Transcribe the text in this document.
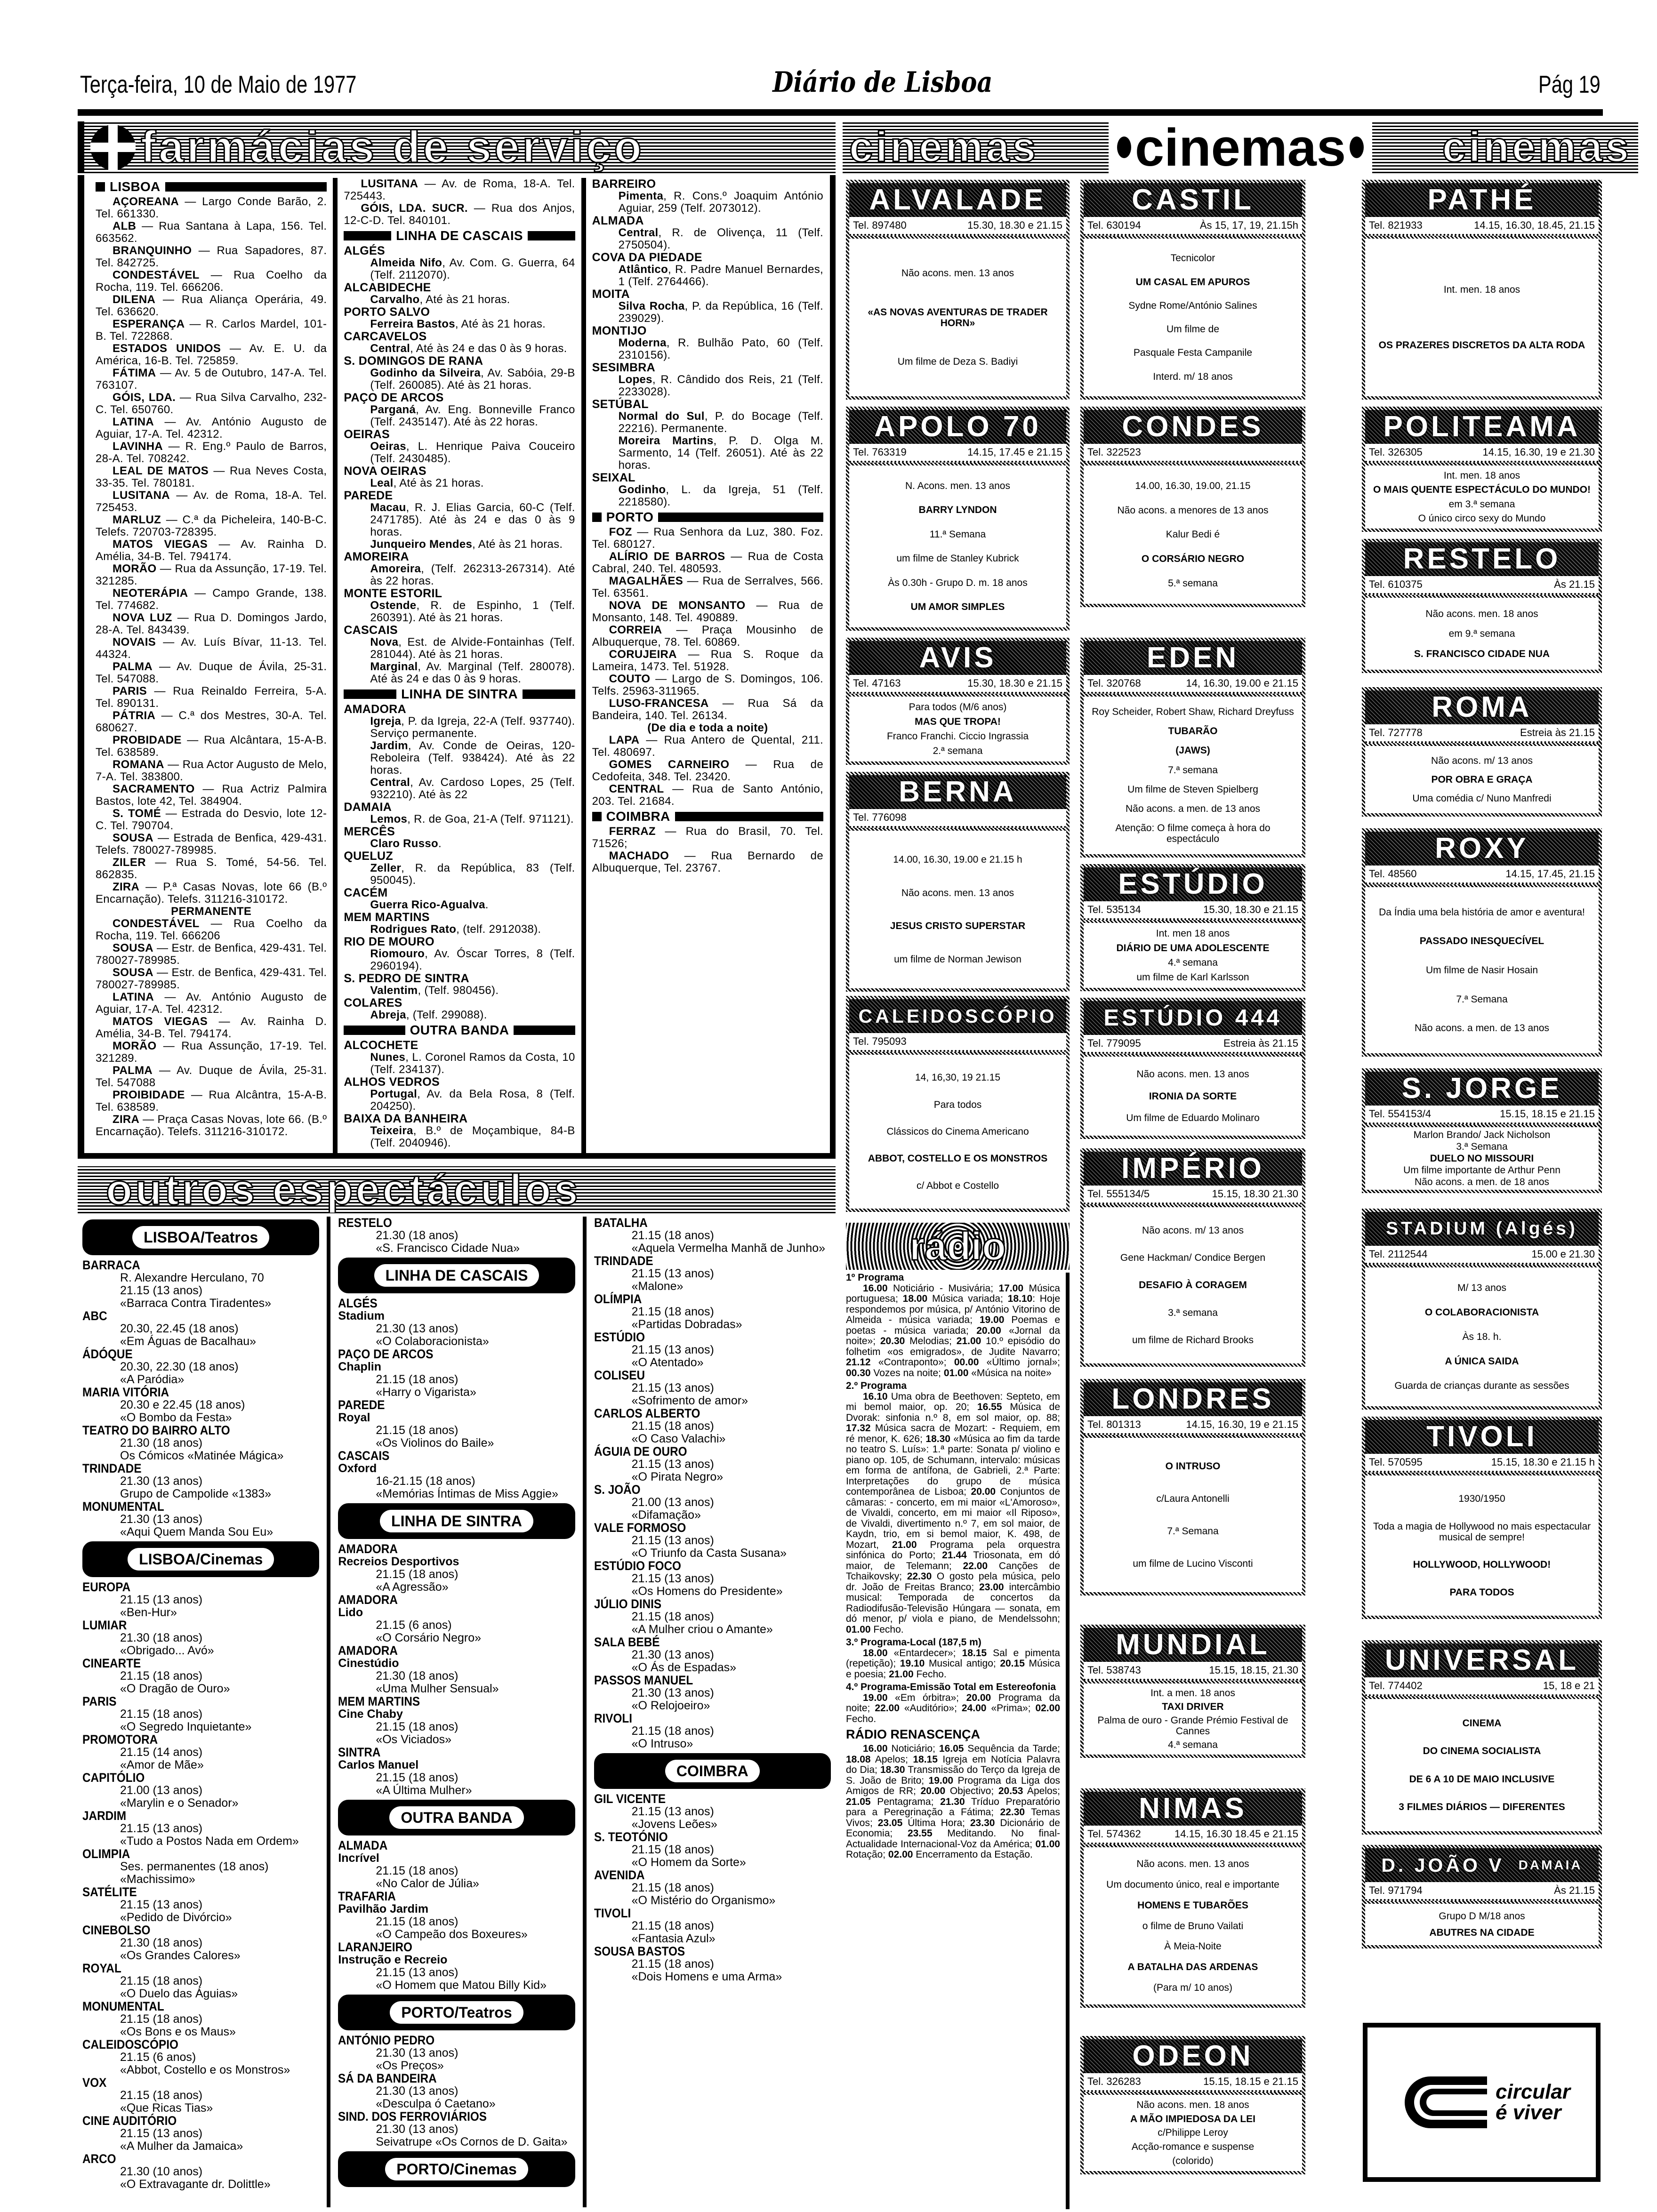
Terça-feira, 10 de Maio de 1977	Diário de Lisboa	Pág 19
farmácias de serviço
LISBOA
AÇOREANA — Largo Conde Barão, 2. Tel. 661330.
ALB — Rua Santana à Lapa, 156. Tel. 663562.
BRANQUINHO — Rua Sapadores, 87. Tel. 842725.
CONDESTÁVEL — Rua Coelho da Rocha, 119. Tel. 666206.
DILENA — Rua Aliança Operária, 49. Tel. 636620.
ESPERANÇA — R. Carlos Mardel, 101-B. Tel. 722868.
ESTADOS UNIDOS — Av. E. U. da América, 16-B. Tel. 725859.
FÁTIMA — Av. 5 de Outubro, 147-A. Tel. 763107.
GÓIS, LDA. — Rua Silva Carvalho, 232-C. Tel. 650760.
LATINA — Av. António Augusto de Aguiar, 17-A. Tel. 42312.
LAVINHA — R. Eng.º Paulo de Barros, 28-A. Tel. 708242.
LEAL DE MATOS — Rua Neves Costa, 33-35. Tel. 780181.
LUSITANA — Av. de Roma, 18-A. Tel. 725453.
MARLUZ — C.ª da Picheleira, 140-B-C. Telefs. 720703-728395.
MATOS VIEGAS — Av. Rainha D. Amélia, 34-B. Tel. 794174.
MORÃO — Rua da Assunção, 17-19. Tel. 321285.
NEOTERÁPIA — Campo Grande, 138. Tel. 774682.
NOVA LUZ — Rua D. Domingos Jardo, 28-A. Tel. 843439.
NOVAIS — Av. Luís Bívar, 11-13. Tel. 44324.
PALMA — Av. Duque de Ávila, 25-31. Tel. 547088.
PARIS — Rua Reinaldo Ferreira, 5-A. Tel. 890131.
PÁTRIA — C.ª dos Mestres, 30-A. Tel. 680627.
PROBIDADE — Rua Alcântara, 15-A-B. Tel. 638589.
ROMANA — Rua Actor Augusto de Melo, 7-A. Tel. 383800.
SACRAMENTO — Rua Actriz Palmira Bastos, lote 42, Tel. 384904.
S. TOMÉ — Estrada do Desvio, lote 12-C. Tel. 790704.
SOUSA — Estrada de Benfica, 429-431. Telefs. 780027-789985.
ZILER — Rua S. Tomé, 54-56. Tel. 862835.
ZIRA — P.ª Casas Novas, lote 66 (B.º Encarnação). Telefs. 311216-310172.
PERMANENTE
CONDESTÁVEL — Rua Coelho da Rocha, 119. Tel. 666206
SOUSA — Estr. de Benfica, 429-431. Tel. 780027-789985.
SOUSA — Estr. de Benfica, 429-431. Tel. 780027-789985.
LATINA — Av. António Augusto de Aguiar, 17-A. Tel. 42312.
MATOS VIEGAS — Av. Rainha D. Amélia, 34-B. Tel. 794174.
MORÃO — Rua Assunção, 17-19. Tel. 321289.
PALMA — Av. Duque de Ávila, 25-31. Tel. 547088
PROIBIDADE — Rua Alcântra, 15-A-B. Tel. 638589.
ZIRA — Praça Casas Novas, lote 66. (B.º Encarnação). Telefs. 311216-310172.
LUSITANA — Av. de Roma, 18-A. Tel. 725443.
GÓIS, LDA. SUCR. — Rua dos Anjos, 12-C-D. Tel. 840101.
LINHA DE CASCAIS
ALGÉS
Almeida Nifo, Av. Com. G. Guerra, 64 (Telf. 2112070).
ALCABIDECHE
Carvalho, Até às 21 horas.
PORTO SALVO
Ferreira Bastos, Até às 21 horas.
CARCAVELOS
Central, Até às 24 e das 0 às 9 horas.
S. DOMINGOS DE RANA
Godinho da Silveira, Av. Sabóia, 29-B (Telf. 260085). Até às 21 horas.
PAÇO DE ARCOS
Parganá, Av. Eng. Bonneville Franco (Telf. 2435147). Até às 22 horas.
OEIRAS
Oeiras, L. Henrique Paiva Couceiro (Telf. 2430485).
NOVA OEIRAS
Leal, Até às 21 horas.
PAREDE
Macau, R. J. Elias Garcia, 60-C (Telf. 2471785). Até às 24 e das 0 às 9 horas.
Junqueiro Mendes, Até às 21 horas.
AMOREIRA
Amoreira, (Telf. 262313-267314). Até às 22 horas.
MONTE ESTORIL
Ostende, R. de Espinho, 1 (Telf. 260391). Até às 21 horas.
CASCAIS
Nova, Est. de Alvide-Fontainhas (Telf. 281044). Até às 21 horas.
Marginal, Av. Marginal (Telf. 280078). Até às 24 e das 0 às 9 horas.
LINHA DE SINTRA
AMADORA
Igreja, P. da Igreja, 22-A (Telf. 937740). Serviço permanente.
Jardim, Av. Conde de Oeiras, 120-Reboleira (Telf. 938424). Até às 22 horas.
Central, Av. Cardoso Lopes, 25 (Telf. 932210). Até às 22
DAMAIA
Lemos, R. de Goa, 21-A (Telf. 971121).
MERCÊS
Claro Russo.
QUELUZ
Zeller, R. da República, 83 (Telf. 950045).
CACÉM
Guerra Rico-Agualva.
MEM MARTINS
Rodrigues Rato, (telf. 2912038).
RIO DE MOURO
Riomouro, Av. Óscar Torres, 8 (Telf. 2960194).
S. PEDRO DE SINTRA
Valentim, (Telf. 980456).
COLARES
Abreja, (Telf. 299088).
OUTRA BANDA
ALCOCHETE
Nunes, L. Coronel Ramos da Costa, 10 (Telf. 234137).
ALHOS VEDROS
Portugal, Av. da Bela Rosa, 8 (Telf. 204250).
BAIXA DA BANHEIRA
Teixeira, B.º de Moçambique, 84-B (Telf. 2040946).
BARREIRO
Pimenta, R. Cons.º Joaquim António Aguiar, 259 (Telf. 2073012).
ALMADA
Central, R. de Olivença, 11 (Telf. 2750504).
COVA DA PIEDADE
Atlântico, R. Padre Manuel Bernardes, 1 (Telf. 2764466).
MOITA
Silva Rocha, P. da República, 16 (Telf. 239029).
MONTIJO
Moderna, R. Bulhão Pato, 60 (Telf. 2310156).
SESIMBRA
Lopes, R. Cândido dos Reis, 21 (Telf. 2233028).
SETÚBAL
Normal do Sul, P. do Bocage (Telf. 22216). Permanente.
Moreira Martins, P. D. Olga M. Sarmento, 14 (Telf. 26051). Até às 22 horas.
SEIXAL
Godinho, L. da Igreja, 51 (Telf. 2218580).
PORTO
FOZ — Rua Senhora da Luz, 380. Foz. Tel. 680127.
ALÍRIO DE BARROS — Rua de Costa Cabral, 240. Tel. 480593.
MAGALHÃES — Rua de Serralves, 566. Tel. 63561.
NOVA DE MONSANTO — Rua de Monsanto, 148. Tel. 490889.
CORREIA — Praça Mousinho de Albuquerque, 78. Tel. 60869.
CORUJEIRA — Rua S. Roque da Lameira, 1473. Tel. 51928.
COUTO — Largo de S. Domingos, 106. Telfs. 25963-311965.
LUSO-FRANCESA — Rua Sá da Bandeira, 140. Tel. 26134.
(De dia e toda a noite)
LAPA — Rua Antero de Quental, 211. Tel. 480697.
GOMES CARNEIRO — Rua de Cedofeita, 348. Tel. 23420.
CENTRAL — Rua de Santo António, 203. Tel. 21684.
COIMBRA
FERRAZ — Rua do Brasil, 70. Tel. 71526;
MACHADO — Rua Bernardo de Albuquerque, Tel. 23767.
outros espectáculos
LISBOA/Teatros
BARRACA
R. Alexandre Herculano, 70
21.15 (13 anos)
«Barraca Contra Tiradentes»
ABC
20.30, 22.45 (18 anos)
«Em Águas de Bacalhau»
ÁDÓQUE
20.30, 22.30 (18 anos)
«A Paródia»
MARIA VITÓRIA
20.30 e 22.45 (18 anos)
«O Bombo da Festa»
TEATRO DO BAIRRO ALTO
21.30 (18 anos)
Os Cómicos «Matinée Mágica»
TRINDADE
21.30 (13 anos)
Grupo de Campolide «1383»
MONUMENTAL
21.30 (13 anos)
«Aqui Quem Manda Sou Eu»
LISBOA/Cinemas
EUROPA
21.15 (13 anos)
«Ben-Hur»
LUMIAR
21.30 (18 anos)
«Obrigado... Avó»
CINEARTE
21.15 (18 anos)
«O Dragão de Ouro»
PARIS
21.15 (18 anos)
«O Segredo Inquietante»
PROMOTORA
21.15 (14 anos)
«Amor de Mãe»
CAPITÓLIO
21.00 (13 anos)
«Marylin e o Senador»
JARDIM
21.15 (13 anos)
«Tudo a Postos Nada em Ordem»
OLIMPIA
Ses. permanentes (18 anos)
«Machissimo»
SATÉLITE
21.15 (13 anos)
«Pedido de Divórcio»
CINEBOLSO
21.30 (18 anos)
«Os Grandes Calores»
ROYAL
21.15 (18 anos)
«O Duelo das Águias»
MONUMENTAL
21.15 (18 anos)
«Os Bons e os Maus»
CALEIDOSCÓPIO
21.15 (6 anos)
«Abbot, Costello e os Monstros»
VOX
21.15 (18 anos)
«Que Ricas Tias»
CINE AUDITÓRIO
21.15 (13 anos)
«A Mulher da Jamaica»
ARCO
21.30 (10 anos)
«O Extravagante dr. Dolittle»
RESTELO
21.30 (18 anos)
«S. Francisco Cidade Nua»
LINHA DE CASCAIS
ALGÉS
Stadium
21.30 (13 anos)
«O Colaboracionista»
PAÇO DE ARCOS
Chaplin
21.15 (18 anos)
«Harry o Vigarista»
PAREDE
Royal
21.15 (18 anos)
«Os Violinos do Baile»
CASCAIS
Oxford
16-21.15 (18 anos)
«Memórias Íntimas de Miss Aggie»
LINHA DE SINTRA
AMADORA
Recreios Desportivos
21.15 (18 anos)
«A Agressão»
AMADORA
Lido
21.15 (6 anos)
«O Corsário Negro»
AMADORA
Cinestúdio
21.30 (18 anos)
«Uma Mulher Sensual»
MEM MARTINS
Cine Chaby
21.15 (18 anos)
«Os Viciados»
SINTRA
Carlos Manuel
21.15 (18 anos)
«A Última Mulher»
OUTRA BANDA
ALMADA
Incrível
21.15 (18 anos)
«No Calor de Júlia»
TRAFARIA
Pavilhão Jardim
21.15 (18 anos)
«O Campeão dos Boxeures»
LARANJEIRO
Instrução e Recreio
21.15 (13 anos)
«O Homem que Matou Billy Kid»
PORTO/Teatros
ANTÓNIO PEDRO
21.30 (13 anos)
«Os Preços»
SÁ DA BANDEIRA
21.30 (13 anos)
«Desculpa ó Caetano»
SIND. DOS FERROVIÁRIOS
21.30 (13 anos)
Seivatrupe «Os Cornos de D. Gaita»
PORTO/Cinemas
BATALHA
21.15 (18 anos)
«Aquela Vermelha Manhã de Junho»
TRINDADE
21.15 (13 anos)
«Malone»
OLÍMPIA
21.15 (18 anos)
«Partidas Dobradas»
ESTÚDIO
21.15 (13 anos)
«O Atentado»
COLISEU
21.15 (13 anos)
«Sofrimento de amor»
CARLOS ALBERTO
21.15 (18 anos)
«O Caso Valachi»
ÁGUIA DE OURO
21.15 (13 anos)
«O Pirata Negro»
S. JOÃO
21.00 (13 anos)
«Difamação»
VALE FORMOSO
21.15 (13 anos)
«O Triunfo da Casta Susana»
ESTÚDIO FOCO
21.15 (13 anos)
«Os Homens do Presidente»
JÚLIO DINIS
21.15 (18 anos)
«A Mulher criou o Amante»
SALA BEBÉ
21.30 (13 anos)
«O Ás de Espadas»
PASSOS MANUEL
21.30 (13 anos)
«O Relojoeiro»
RIVOLI
21.15 (18 anos)
«O Intruso»
COIMBRA
GIL VICENTE
21.15 (13 anos)
«Jovens Leões»
S. TEOTÓNIO
21.15 (18 anos)
«O Homem da Sorte»
AVENIDA
21.15 (18 anos)
«O Mistério do Organismo»
TIVOLI
21.15 (18 anos)
«Fantasia Azul»
SOUSA BASTOS
21.15 (18 anos)
«Dois Homens e uma Arma»
cinemas cinemas cinemas
ALVALADE
Tel. 897480	15.30, 18.30 e 21.15
Não acons. men. 13 anos
«AS NOVAS AVENTURAS DE TRADER HORN»
Um filme de Deza S. Badiyi
APOLO 70
Tel. 763319	14.15, 17.45 e 21.15
N. Acons. men. 13 anos
BARRY LYNDON
11.ª Semana
um filme de Stanley Kubrick
Às 0.30h - Grupo D. m. 18 anos
UM AMOR SIMPLES
AVIS
Tel. 47163	15.30, 18.30 e 21.15
Para todos (M/6 anos)
MAS QUE TROPA!
Franco Franchi. Ciccio Ingrassia
2.ª semana
BERNA
Tel. 776098
14.00, 16.30, 19.00 e 21.15 h
Não acons. men. 13 anos
JESUS CRISTO SUPERSTAR
um filme de Norman Jewison
CALEIDOSCÓPIO
Tel. 795093
14, 16,30, 19 21.15
Para todos
Clássicos do Cinema Americano
ABBOT, COSTELLO E OS MONSTROS
c/ Abbot e Costello
CASTIL
Tel. 630194	Às 15, 17, 19, 21.15h
Tecnicolor
UM CASAL EM APUROS
Sydne Rome/António Salines
Um filme de
Pasquale Festa Campanile
Interd. m/ 18 anos
CONDES
Tel. 322523
14.00, 16.30, 19.00, 21.15
Não acons. a menores de 13 anos
Kalur Bedi é
O CORSÁRIO NEGRO
5.ª semana
EDEN
Tel. 320768	14, 16.30, 19.00 e 21.15
Roy Scheider, Robert Shaw, Richard Dreyfuss
TUBARÃO
(JAWS)
7.ª semana
Um filme de Steven Spielberg
Não acons. a men. de 13 anos
Atenção: O filme começa à hora do espectáculo
ESTÚDIO
Tel. 535134	15.30, 18.30 e 21.15
Int. men 18 anos
DIÁRIO DE UMA ADOLESCENTE
4.ª semana
um filme de Karl Karlsson
ESTÚDIO 444
Tel. 779095	Estreia às 21.15
Não acons. men. 13 anos
IRONIA DA SORTE
Um filme de Eduardo Molinaro
IMPÉRIO
Tel. 555134/5	15.15, 18.30 21.30
Não acons. m/ 13 anos
Gene Hackman/ Condice Bergen
DESAFIO À CORAGEM
3.ª semana
um filme de Richard Brooks
LONDRES
Tel. 801313	14.15, 16.30, 19 e 21.15
O INTRUSO
c/Laura Antonelli
7.ª Semana
um filme de Lucino Visconti
MUNDIAL
Tel. 538743	15.15, 18.15, 21.30
Int. a men. 18 anos
TAXI DRIVER
Palma de ouro - Grande Prémio Festival de Cannes
4.ª semana
NIMAS
Tel. 574362	14.15, 16.30 18.45 e 21.15
Não acons. men. 13 anos
Um documento único, real e importante
HOMENS E TUBARÕES
o filme de Bruno Vailati
À Meia-Noite
A BATALHA DAS ARDENAS
(Para m/ 10 anos)
ODEON
Tel. 326283	15.15, 18.15 e 21.15
Não acons. men. 18 anos
A MÃO IMPIEDOSA DA LEI
c/Philippe Leroy
Acção-romance e suspense
(colorido)
PATHÉ
Tel. 821933	14.15, 16.30, 18.45, 21.15
Int. men. 18 anos
OS PRAZERES DISCRETOS DA ALTA RODA
POLITEAMA
Tel. 326305	14.15, 16.30, 19 e 21.30
Int. men. 18 anos
O MAIS QUENTE ESPECTÁCULO DO MUNDO!
em 3.ª semana
O único circo sexy do Mundo
RESTELO
Tel. 610375	Às 21.15
Não acons. men. 18 anos
em 9.ª semana
S. FRANCISCO CIDADE NUA
ROMA
Tel. 727778	Estreia às 21.15
Não acons. m/ 13 anos
POR OBRA E GRAÇA
Uma comédia c/ Nuno Manfredi
ROXY
Tel. 48560	14.15, 17.45, 21.15
Da Índia uma bela história de amor e aventura!
PASSADO INESQUECÍVEL
Um filme de Nasir Hosain
7.ª Semana
Não acons. a men. de 13 anos
S. JORGE
Tel. 554153/4	15.15, 18.15 e 21.15
Marlon Brando/ Jack Nicholson
3.ª Semana
DUELO NO MISSOURI
Um filme importante de Arthur Penn
Não acons. a men. de 18 anos
STADIUM (Algés)
Tel. 2112544	15.00 e 21.30
M/ 13 anos
O COLABORACIONISTA
Às 18. h.
A ÚNICA SAIDA
Guarda de crianças durante as sessões
TIVOLI
Tel. 570595	15.15, 18.30 e 21.15 h
1930/1950
Toda a magia de Hollywood no mais espectacular musical de sempre!
HOLLYWOOD, HOLLYWOOD!
PARA TODOS
UNIVERSAL
Tel. 774402	15, 18 e 21
CINEMA
DO CINEMA SOCIALISTA
DE 6 A 10 DE MAIO INCLUSIVE
3 FILMES DIÁRIOS — DIFERENTES
D. JOÃO V DAMAIA
Tel. 971794	Às 21.15
Grupo D M/18 anos
ABUTRES NA CIDADE
rádio
1º Programa
16.00 Noticiário - Musivária; 17.00 Música portuguesa; 18.00 Música variada; 18.10: Hoje respondemos por música, p/ António Vitorino de Almeida - música variada; 19.00 Poemas e poetas - música variada; 20.00 «Jornal da noite»; 20.30 Melodias; 21.00 10.º episódio do folhetim «os emigrados», de Judite Navarro; 21.12 «Contraponto»; 00.00 «Último jornal»; 00.30 Vozes na noite; 01.00 «Música na noite»
2.º Programa
16.10 Uma obra de Beethoven: Septeto, em mi bemol maior, op. 20; 16.55 Música de Dvorak: sinfonia n.º 8, em sol maior, op. 88; 17.32 Música sacra de Mozart: - Requiem, em ré menor, K. 626; 18.30 «Música ao fim da tarde no teatro S. Luís»: 1.ª parte: Sonata p/ violino e piano op. 105, de Schumann, intervalo: músicas em forma de antífona, de Gabrieli, 2.ª Parte: Interpretações do grupo de música contemporânea de Lisboa; 20.00 Conjuntos de câmaras: - concerto, em mi maior «L'Amoroso», de Vivaldi, concerto, em mi maior «Il Riposo», de Vivaldi, divertimento n.º 7, em sol maior, de Kaydn, trio, em si bemol maior, K. 498, de Mozart, 21.00 Programa pela orquestra sinfónica do Porto; 21.44 Triosonata, em dó maior, de Telemann; 22.00 Canções de Tchaikovsky; 22.30 O gosto pela música, pelo dr. João de Freitas Branco; 23.00 intercâmbio musical: Temporada de concertos da Radiodifusão-Televisão Húngara — sonata, em dó menor, p/ viola e piano, de Mendelssohn; 01.00 Fecho.
3.º Programa-Local (187,5 m)
18.00 «Entardecer»; 18.15 Sal e pimenta (repetição); 19.10 Musical antigo; 20.15 Música e poesia; 21.00 Fecho.
4.º Programa-Emissão Total em Estereofonia
19.00 «Em órbitra»; 20.00 Programa da noite; 22.00 «Auditório»; 24.00 «Prima»; 02.00 Fecho.
RÁDIO RENASCENÇA
16.00 Noticiário; 16.05 Sequência da Tarde; 18.08 Apelos; 18.15 Igreja em Notícia Palavra do Dia; 18.30 Transmissão do Terço da Igreja de S. João de Brito; 19.00 Programa da Liga dos Amigos de RR; 20.00 Objectivo; 20.53 Apelos; 21.05 Pentagrama; 21.30 Tríduo Preparatório para a Peregrinação a Fátima; 22.30 Temas Vivos; 23.05 Última Hora; 23.30 Dicionário de Economia; 23.55 Meditando. No final-Actualidade Internacional-Voz da América; 01.00 Rotação; 02.00 Encerramento da Estação.
circular
é viver
